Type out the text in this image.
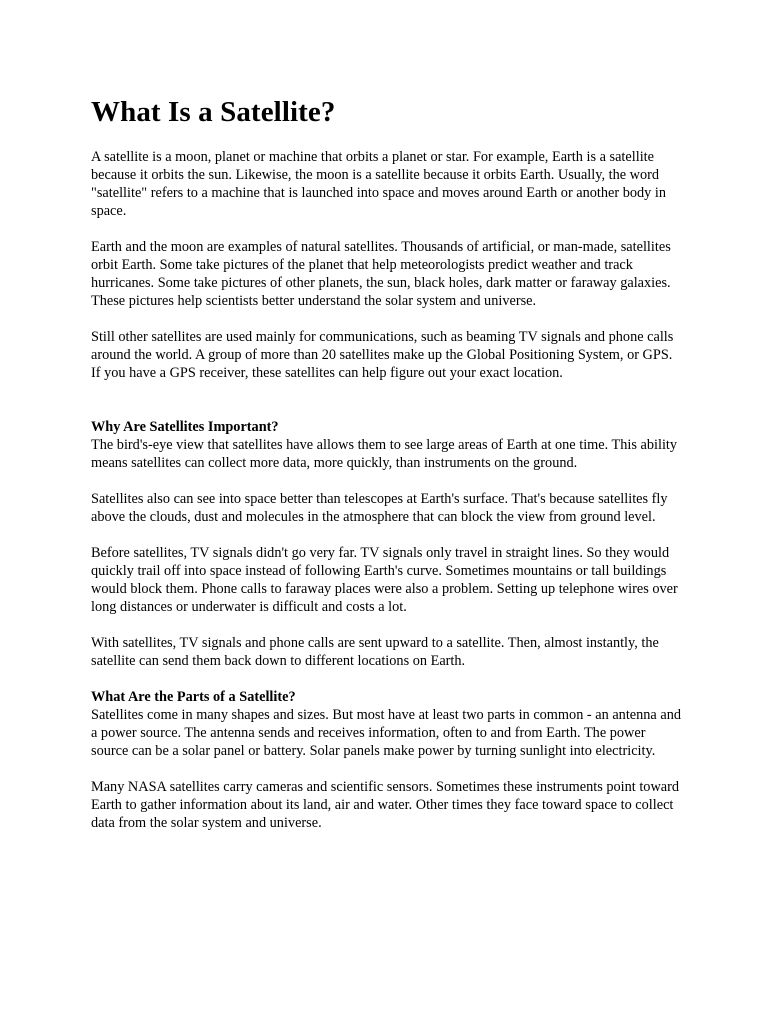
What Is a Satellite?

A satellite is a moon, planet or machine that orbits a planet or star. For example, Earth is a satellite because it orbits the sun. Likewise, the moon is a satellite because it orbits Earth. Usually, the word "satellite" refers to a machine that is launched into space and moves around Earth or another body in space.

Earth and the moon are examples of natural satellites. Thousands of artificial, or man-made, satellites orbit Earth. Some take pictures of the planet that help meteorologists predict weather and track hurricanes. Some take pictures of other planets, the sun, black holes, dark matter or faraway galaxies. These pictures help scientists better understand the solar system and universe.

Still other satellites are used mainly for communications, such as beaming TV signals and phone calls around the world. A group of more than 20 satellites make up the Global Positioning System, or GPS. If you have a GPS receiver, these satellites can help figure out your exact location.

Why Are Satellites Important?

The bird's-eye view that satellites have allows them to see large areas of Earth at one time. This ability means satellites can collect more data, more quickly, than instruments on the ground.

Satellites also can see into space better than telescopes at Earth's surface. That's because satellites fly above the clouds, dust and molecules in the atmosphere that can block the view from ground level.

Before satellites, TV signals didn't go very far. TV signals only travel in straight lines. So they would quickly trail off into space instead of following Earth's curve. Sometimes mountains or tall buildings would block them. Phone calls to faraway places were also a problem. Setting up telephone wires over long distances or underwater is difficult and costs a lot.

With satellites, TV signals and phone calls are sent upward to a satellite. Then, almost instantly, the satellite can send them back down to different locations on Earth.

What Are the Parts of a Satellite?

Satellites come in many shapes and sizes. But most have at least two parts in common - an antenna and a power source. The antenna sends and receives information, often to and from Earth. The power source can be a solar panel or battery. Solar panels make power by turning sunlight into electricity.

Many NASA satellites carry cameras and scientific sensors. Sometimes these instruments point toward Earth to gather information about its land, air and water. Other times they face toward space to collect data from the solar system and universe.
